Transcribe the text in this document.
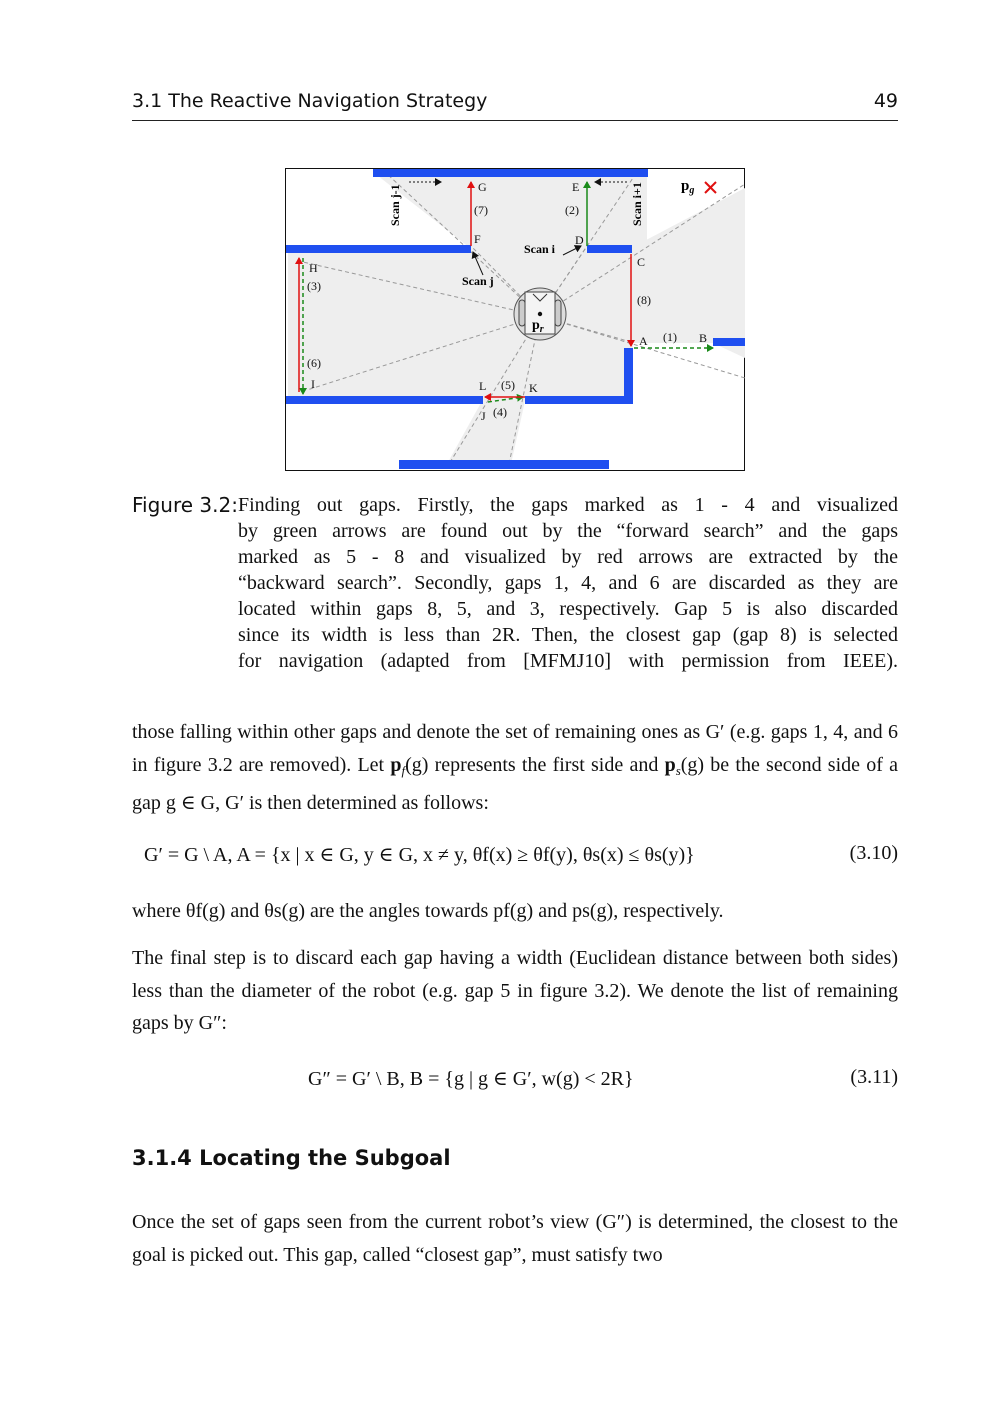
3.1 The Reactive Navigation Strategy	49
$p_g$
$p_r$
Scan j-1	Scan i+1
Scan i
Scan j
G	E
F	D
H	C
A	B
I	L	K
J
(7)	(2)
(3)
(8)
(1)
(6)
(5)
(4)
Figure 3.2: Finding out gaps. Firstly, the gaps marked as 1 - 4 and visualized
by green arrows are found out by the “forward search” and the gaps
marked as 5 - 8 and visualized by red arrows are extracted by the
“backward search”. Secondly, gaps 1, 4, and 6 are discarded as they are
located within gaps 8, 5, and 3, respectively. Gap 5 is also discarded
since its width is less than 2R. Then, the closest gap (gap 8) is selected
for navigation (adapted from [MFMJ10] with permission from IEEE).
those falling within other gaps and denote the set of remaining ones as G′ (e.g. gaps 1, 4, and 6 in figure 3.2 are removed). Let $p_f(g)$ represents the first side and $p_s(g)$ be the second side of a gap g ∈ G, G′ is then determined as follows:
G′ = G \ A, A = {x | x ∈ G, y ∈ G, x ≠ y, θf(x) ≥ θf(y), θs(x) ≤ θs(y)}	(3.10)
where θf(g) and θs(g) are the angles towards pf(g) and ps(g), respectively.
The final step is to discard each gap having a width (Euclidean distance between both sides) less than the diameter of the robot (e.g. gap 5 in figure 3.2). We denote the list of remaining gaps by G″:
G″ = G′ \ B, B = {g | g ∈ G′, w(g) < 2R}	(3.11)
3.1.4 Locating the Subgoal
Once the set of gaps seen from the current robot’s view (G″) is determined, the closest to the goal is picked out. This gap, called “closest gap”, must satisfy two
